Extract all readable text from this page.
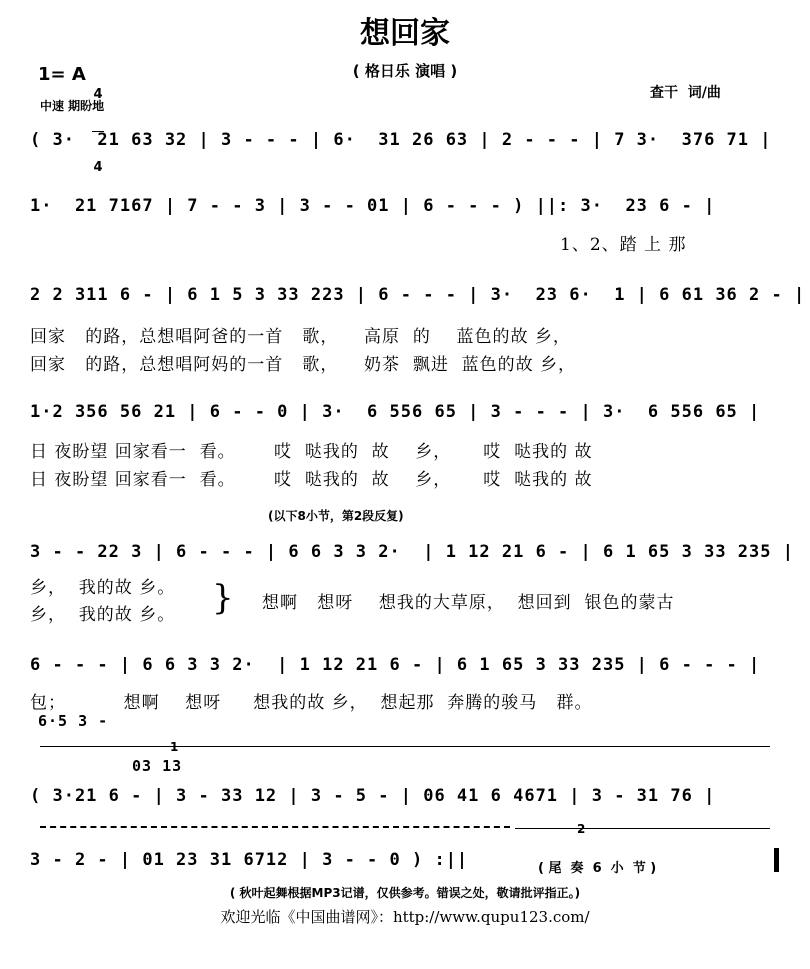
想回家
( 格日乐 演唱 )
1= A

4

4

中速 期盼地
查干  词/曲
( 3·  21 63 32 | 3 - - - | 6·  31 26 63 | 2 - - - | 7 3·  376 71 |
1·  21 7167 | 7 - - 3 | 3 - - 01 | 6 - - - ) ||: 3·  23 6 - |
1、2、踏 上 那
2 2 311 6 - | 6 1 5 3 33 223 | 6 - - - | 3·  23 6·  1 | 6 61 36 2 - |
回家   的路，总想唱阿爸的一首   歌，    高原  的    蓝色的故 乡，
回家   的路，总想唱阿妈的一首   歌，    奶茶  飘进  蓝色的故 乡，
1·2 356 56 21 | 6 - - 0 | 3·  6 556 65 | 3 - - - | 3·  6 556 65 |
日 夜盼望 回家看一  看。      哎  哒我的  故    乡，     哎  哒我的 故
日 夜盼望 回家看一  看。      哎  哒我的  故    乡，     哎  哒我的 故
(以下8小节，第2段反复)
3 - - 22 3 | 6 - - - | 6 6 3 3 2·  | 1 12 21 6 - | 6 1 65 3 33 235 |
乡，  我的故 乡。
乡，  我的故 乡。 } 想啊   想呀    想我的大草原，  想回到  银色的蒙古
6 - - - | 6 6 3 3 2·  | 1 12 21 6 - | 6 1 65 3 33 235 | 6 - - - |
包；         想啊    想呀     想我的故 乡，  想起那  奔腾的骏马   群。
6·5 3 -
1
03 13
( 3·21 6 - | 3 - 33 12 | 3 - 5 - | 06 41 6 4671 | 3 - 31 76 |
2
3 - 2 - | 01 23 31 6712 | 3 - - 0 ) :||	( 尾  奏  6  小  节 )
( 秋叶起舞根据MP3记谱，仅供参考。错误之处，敬请批评指正。)
欢迎光临《中国曲谱网》：http://www.qupu123.com/
